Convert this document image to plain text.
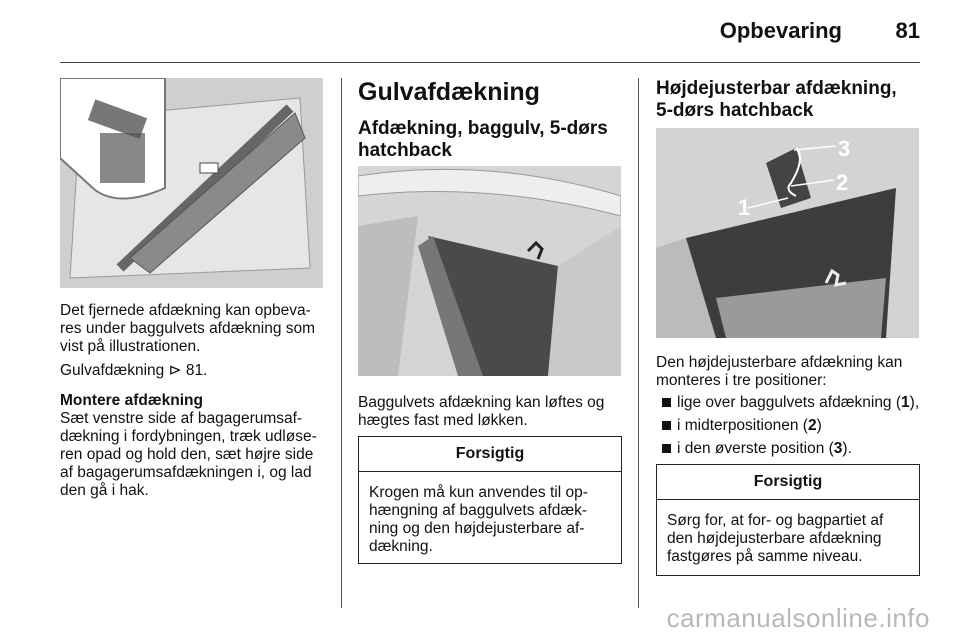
Opbevaring 81
Det fjernede afdækning kan opbeva-
res under baggulvets afdækning som
vist på illustrationen.
Gulvafdækning ⊳ 81.
Montere afdækning
Sæt venstre side af bagagerumsaf-
dækning i fordybningen, træk udløse-
ren opad og hold den, sæt højre side
af bagagerumsafdækningen i, og lad
den gå i hak.
Gulvafdækning
Afdækning, baggulv, 5-dørs
hatchback
Baggulvets afdækning kan løftes og
hægtes fast med løkken.
Forsigtig
Krogen må kun anvendes til op-
hængning af baggulvets afdæk-
ning og den højdejusterbare af-
dækning.
Højdejusterbar afdækning,
5-dørs hatchback
1
2
3
Den højdejusterbare afdækning kan
monteres i tre positioner:
lige over baggulvets afdækning (1),
i midterpositionen (2)
i den øverste position (3).
Forsigtig
Sørg for, at for- og bagpartiet af
den højdejusterbare afdækning
fastgøres på samme niveau.
carmanualsonline.info
